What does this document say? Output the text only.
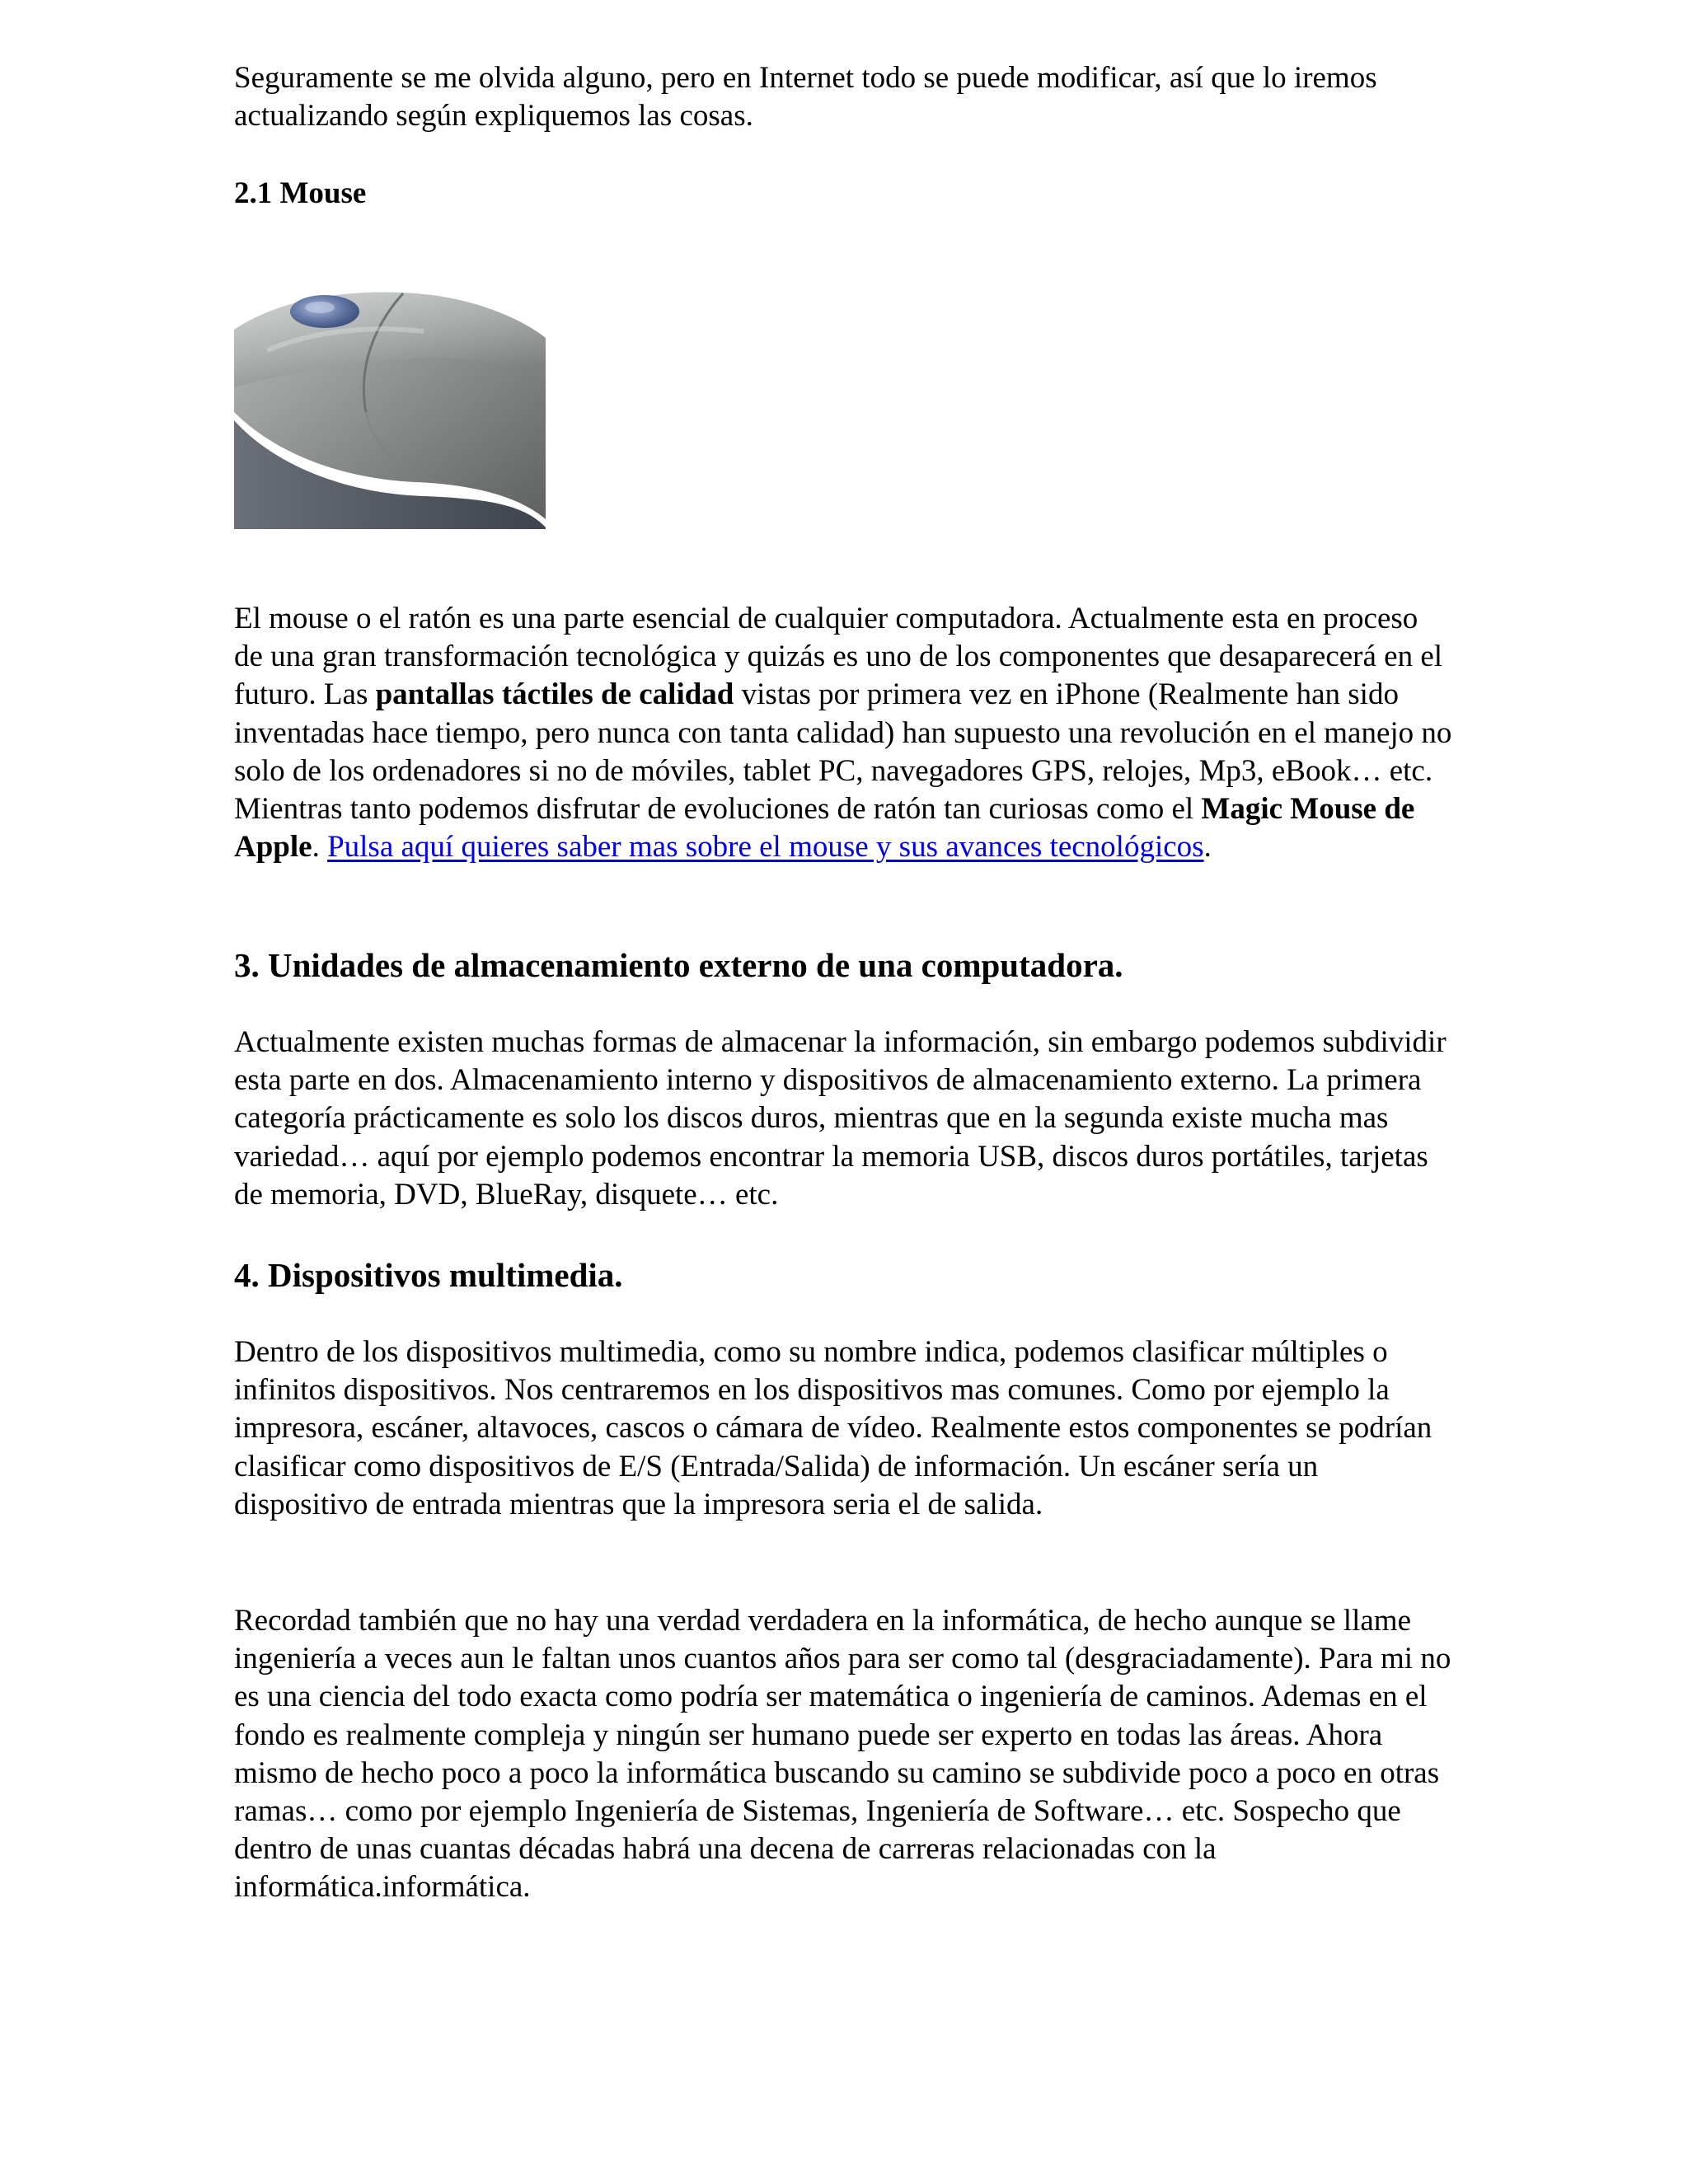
Seguramente se me olvida alguno, pero en Internet todo se puede modificar, así que lo iremos actualizando según expliquemos las cosas.

2.1 Mouse

El mouse o el ratón es una parte esencial de cualquier computadora. Actualmente esta en proceso de una gran transformación tecnológica y quizás es uno de los componentes que desaparecerá en el futuro. Las pantallas táctiles de calidad vistas por primera vez en iPhone (Realmente han sido inventadas hace tiempo, pero nunca con tanta calidad) han supuesto una revolución en el manejo no solo de los ordenadores si no de móviles, tablet PC, navegadores GPS, relojes, Mp3, eBook… etc. Mientras tanto podemos disfrutar de evoluciones de ratón tan curiosas como el Magic Mouse de Apple. Pulsa aquí quieres saber mas sobre el mouse y sus avances tecnológicos.

3. Unidades de almacenamiento externo de una computadora.

Actualmente existen muchas formas de almacenar la información, sin embargo podemos subdividir esta parte en dos. Almacenamiento interno y dispositivos de almacenamiento externo. La primera categoría prácticamente es solo los discos duros, mientras que en la segunda existe mucha mas variedad… aquí por ejemplo podemos encontrar la memoria USB, discos duros portátiles, tarjetas de memoria, DVD, BlueRay, disquete… etc.

4. Dispositivos multimedia.

Dentro de los dispositivos multimedia, como su nombre indica, podemos clasificar múltiples o infinitos dispositivos. Nos centraremos en los dispositivos mas comunes. Como por ejemplo la impresora, escáner, altavoces, cascos o cámara de vídeo. Realmente estos componentes se podrían clasificar como dispositivos de E/S (Entrada/Salida) de información. Un escáner sería un dispositivo de entrada mientras que la impresora seria el de salida.

Recordad también que no hay una verdad verdadera en la informática, de hecho aunque se llame ingeniería a veces aun le faltan unos cuantos años para ser como tal (desgraciadamente). Para mi no es una ciencia del todo exacta como podría ser matemática o ingeniería de caminos. Ademas en el fondo es realmente compleja y ningún ser humano puede ser experto en todas las áreas. Ahora mismo de hecho poco a poco la informática buscando su camino se subdivide poco a poco en otras ramas… como por ejemplo Ingeniería de Sistemas, Ingeniería de Software… etc. Sospecho que dentro de unas cuantas décadas habrá una decena de carreras relacionadas con la informática.informática.
